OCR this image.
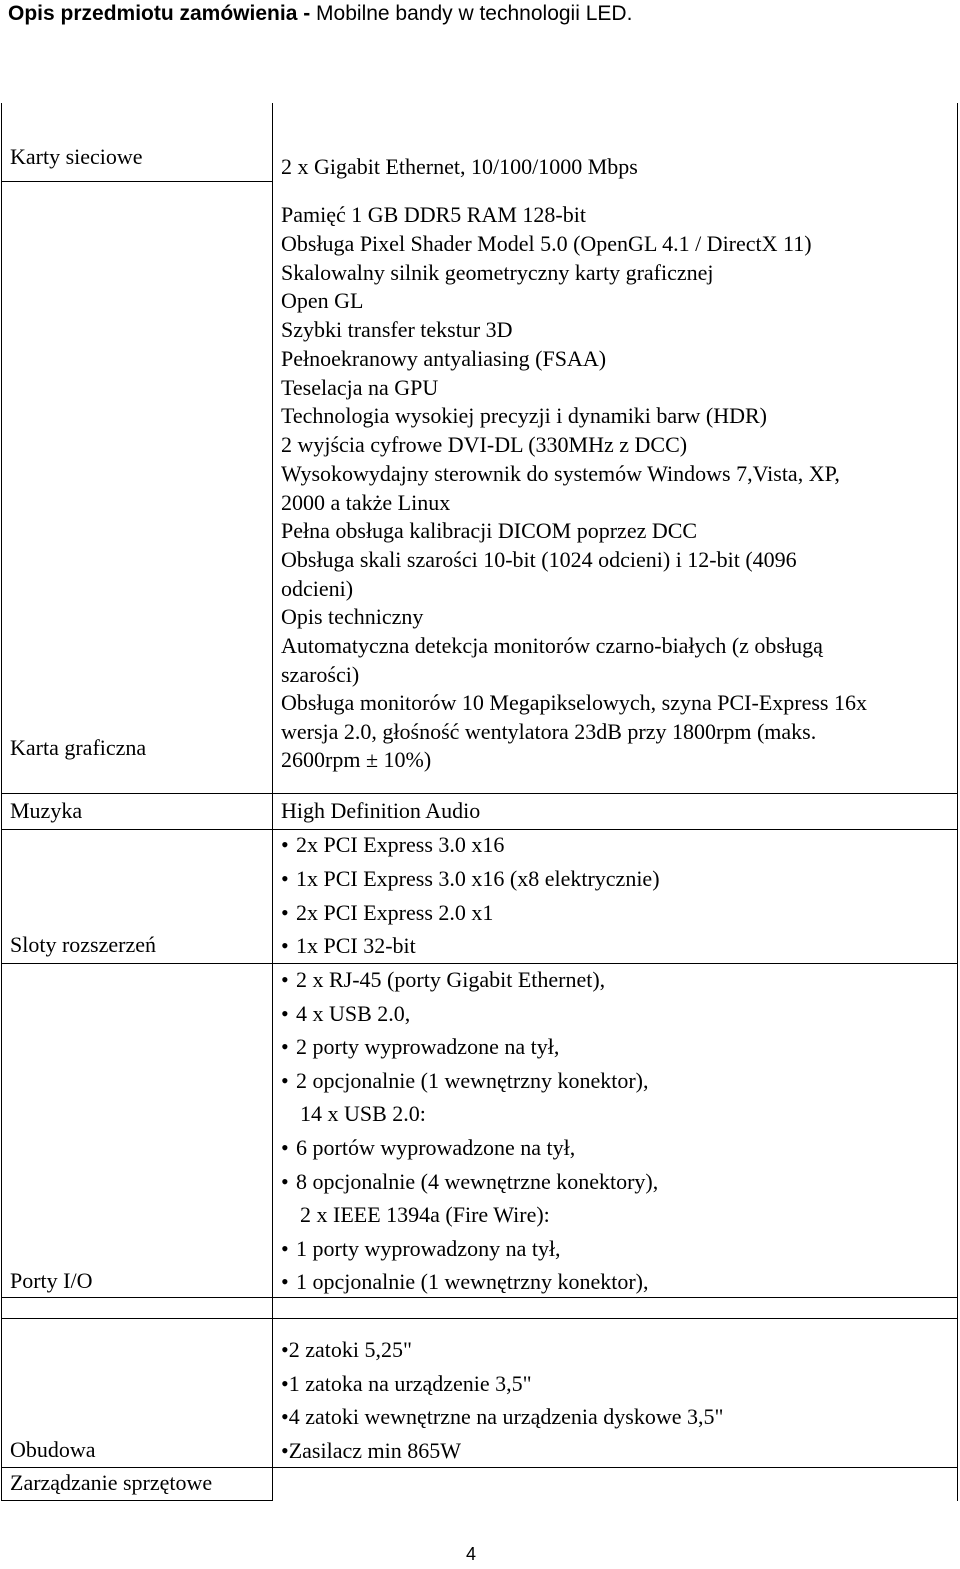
Opis przedmiotu zamówienia - Mobilne bandy w technologii LED.
Karty sieciowe	2 x Gigabit Ethernet, 10/100/1000 Mbps
Karta graficzna
Pamięć 1 GB DDR5 RAM 128-bit
Obsługa Pixel Shader Model 5.0 (OpenGL 4.1 / DirectX 11)
Skalowalny silnik geometryczny karty graficznej
Open GL
Szybki transfer tekstur 3D
Pełnoekranowy antyaliasing (FSAA)
Teselacja na GPU
Technologia wysokiej precyzji i dynamiki barw (HDR)
2 wyjścia cyfrowe DVI-DL (330MHz z DCC)
Wysokowydajny sterownik do systemów Windows 7,Vista, XP,
2000 a także Linux
Pełna obsługa kalibracji DICOM poprzez DCC
Obsługa skali szarości 10-bit (1024 odcieni) i 12-bit (4096
odcieni)
Opis techniczny
Automatyczna detekcja monitorów czarno-białych (z obsługą
szarości)
Obsługa monitorów 10 Megapikselowych, szyna PCI-Express 16x
wersja 2.0, głośność wentylatora 23dB przy 1800rpm (maks.
2600rpm ± 10%)
Muzyka	High Definition Audio
Sloty rozszerzeń
• 2x PCI Express 3.0 x16
• 1x PCI Express 3.0 x16 (x8 elektrycznie)
• 2x PCI Express 2.0 x1
• 1x PCI 32-bit
Porty I/O
• 2 x RJ-45 (porty Gigabit Ethernet),
• 4 x USB 2.0,
• 2 porty wyprowadzone na tył,
• 2 opcjonalnie (1 wewnętrzny konektor),
14 x USB 2.0:
• 6 portów wyprowadzone na tył,
• 8 opcjonalnie (4 wewnętrzne konektory),
2 x IEEE 1394a (Fire Wire):
• 1 porty wyprowadzony na tył,
• 1 opcjonalnie (1 wewnętrzny konektor),
Obudowa
•2 zatoki 5,25"
•1 zatoka na urządzenie 3,5"
•4 zatoki wewnętrzne na urządzenia dyskowe 3,5"
•Zasilacz min 865W
Zarządzanie sprzętowe
4
